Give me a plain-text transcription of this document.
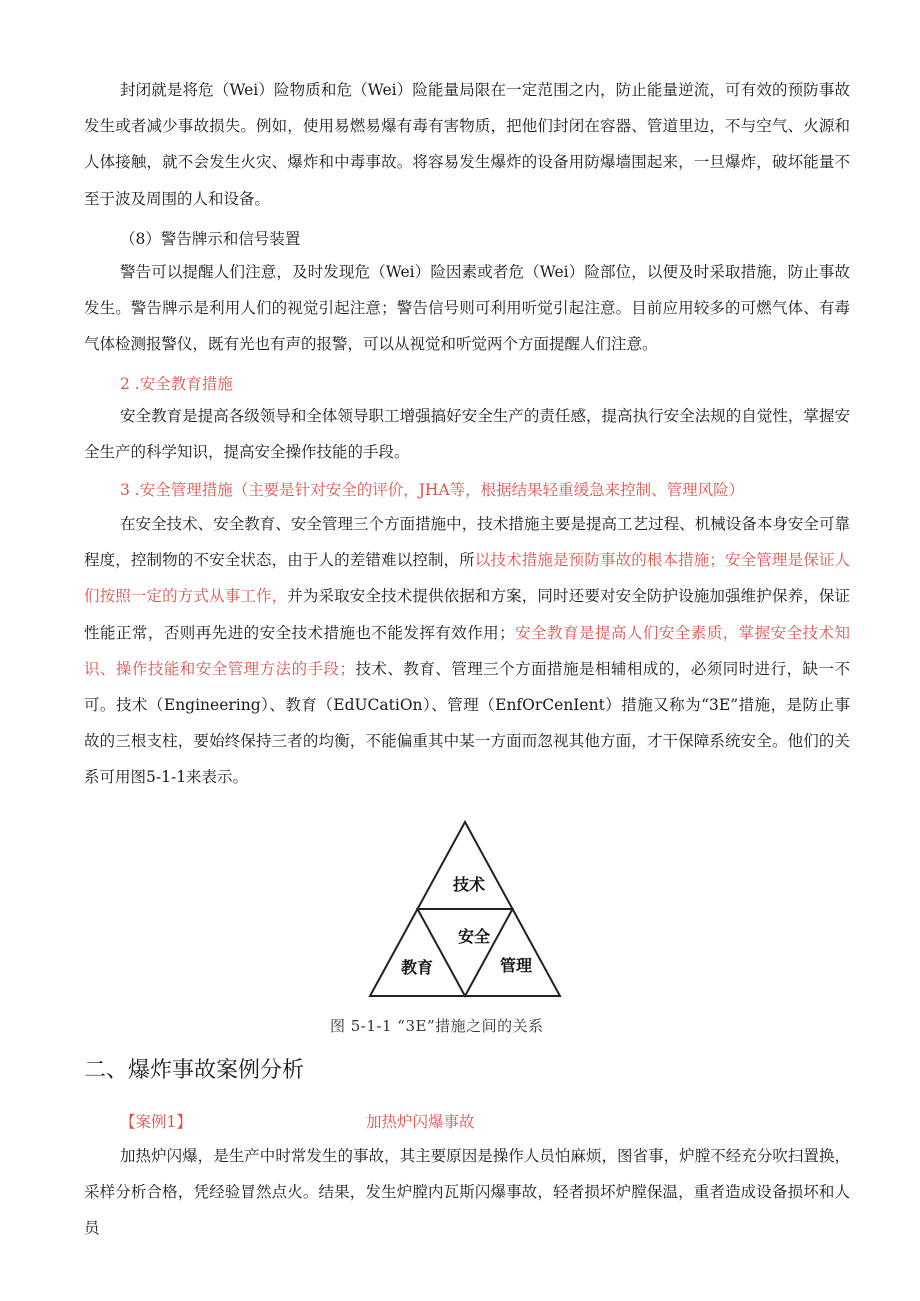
封闭就是将危（Wei）险物质和危（Wei）险能量局限在一定范围之内，防止能量逆流，可有效的预防事故发生或者减少事故损失。例如，使用易燃易爆有毒有害物质，把他们封闭在容器、管道里边，不与空气、火源和人体接触，就不会发生火灾、爆炸和中毒事故。将容易发生爆炸的设备用防爆墙围起来，一旦爆炸，破坏能量不至于波及周围的人和设备。

（8）警告牌示和信号装置

警告可以提醒人们注意，及时发现危（Wei）险因素或者危（Wei）险部位，以便及时采取措施，防止事故发生。警告牌示是利用人们的视觉引起注意；警告信号则可利用听觉引起注意。目前应用较多的可燃气体、有毒气体检测报警仪，既有光也有声的报警，可以从视觉和听觉两个方面提醒人们注意。

2 .安全教育措施

安全教育是提高各级领导和全体领导职工增强搞好安全生产的责任感，提高执行安全法规的自觉性，掌握安全生产的科学知识，提高安全操作技能的手段。

3 .安全管理措施（主要是针对安全的评价，JHA等，根据结果轻重缓急来控制、管理风险）

在安全技术、安全教育、安全管理三个方面措施中，技术措施主要是提高工艺过程、机械设备本身安全可靠程度，控制物的不安全状态，由于人的差错难以控制，所以技术措施是预防事故的根本措施；安全管理是保证人们按照一定的方式从事工作，并为采取安全技术提供依据和方案，同时还要对安全防护设施加强维护保养，保证性能正常，否则再先进的安全技术措施也不能发挥有效作用；安全教育是提高人们安全素质，掌握安全技术知识、操作技能和安全管理方法的手段；技术、教育、管理三个方面措施是相辅相成的，必须同时进行，缺一不可。技术（Engineering）、教育（EdUCatiOn）、管理（EnfOrCenIent）措施又称为“3E”措施，是防止事故的三根支柱，要始终保持三者的均衡，不能偏重其中某一方面而忽视其他方面，才干保障系统安全。他们的关系可用图5-1-1来表示。

技术
安全
教育	管理

图 5-1-1 “3E”措施之间的关系

二、爆炸事故案例分析

【案例1】	加热炉闪爆事故

加热炉闪爆，是生产中时常发生的事故，其主要原因是操作人员怕麻烦，图省事，炉膛不经充分吹扫置换，采样分析合格，凭经验冒然点火。结果，发生炉膛内瓦斯闪爆事故，轻者损坏炉膛保温，重者造成设备损坏和人员
